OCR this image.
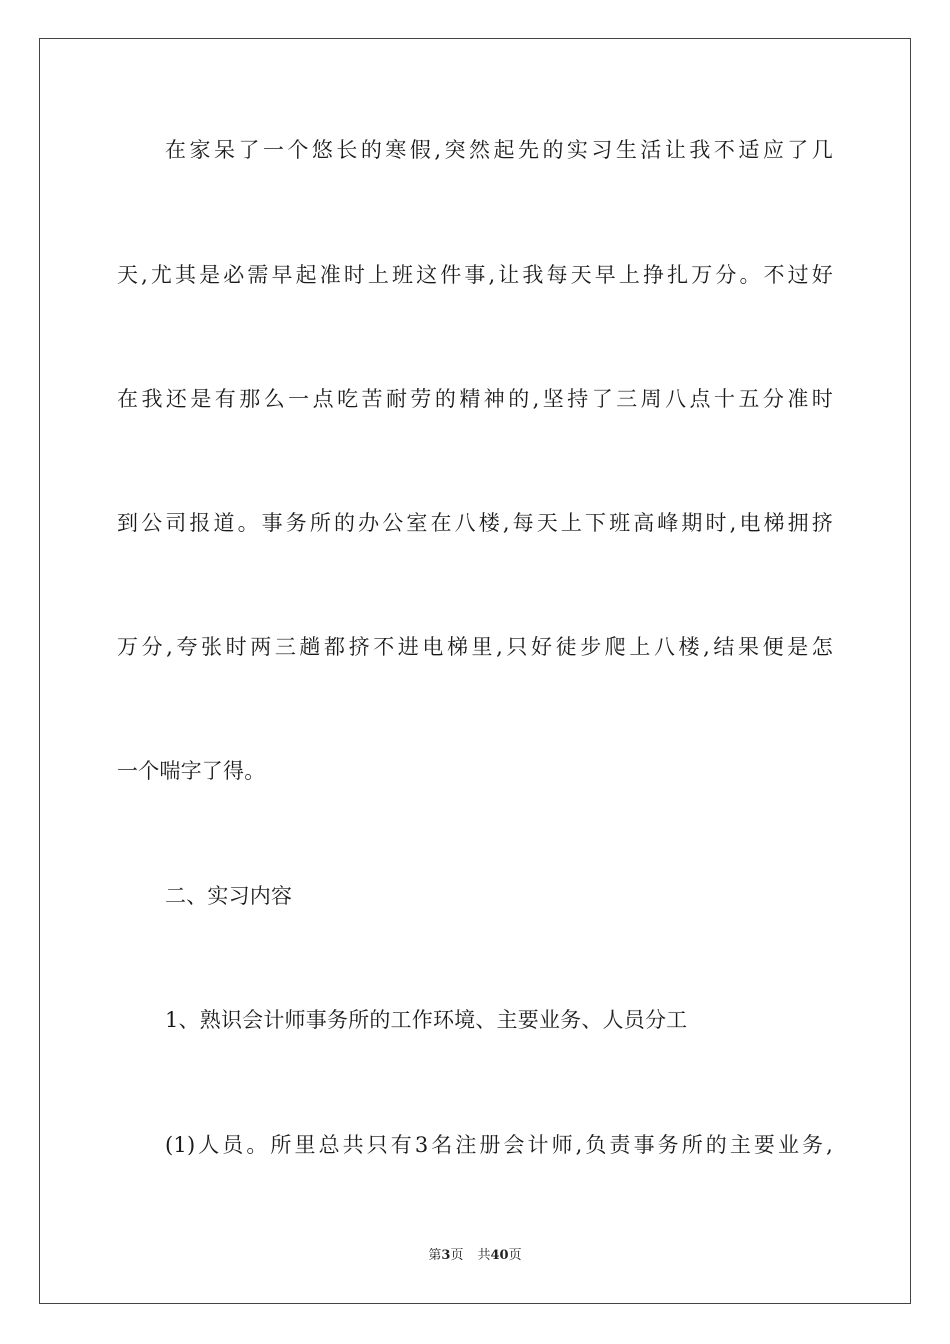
在家呆了一个悠长的寒假,突然起先的实习生活让我不适应了几
天,尤其是必需早起准时上班这件事,让我每天早上挣扎万分。不过好
在我还是有那么一点吃苦耐劳的精神的,坚持了三周八点十五分准时
到公司报道。事务所的办公室在八楼,每天上下班高峰期时,电梯拥挤
万分,夸张时两三趟都挤不进电梯里,只好徒步爬上八楼,结果便是怎
一个喘字了得。
二、实习内容
1、熟识会计师事务所的工作环境、主要业务、人员分工
(1)人员。所里总共只有3名注册会计师,负责事务所的主要业务,
第3页 共40页
